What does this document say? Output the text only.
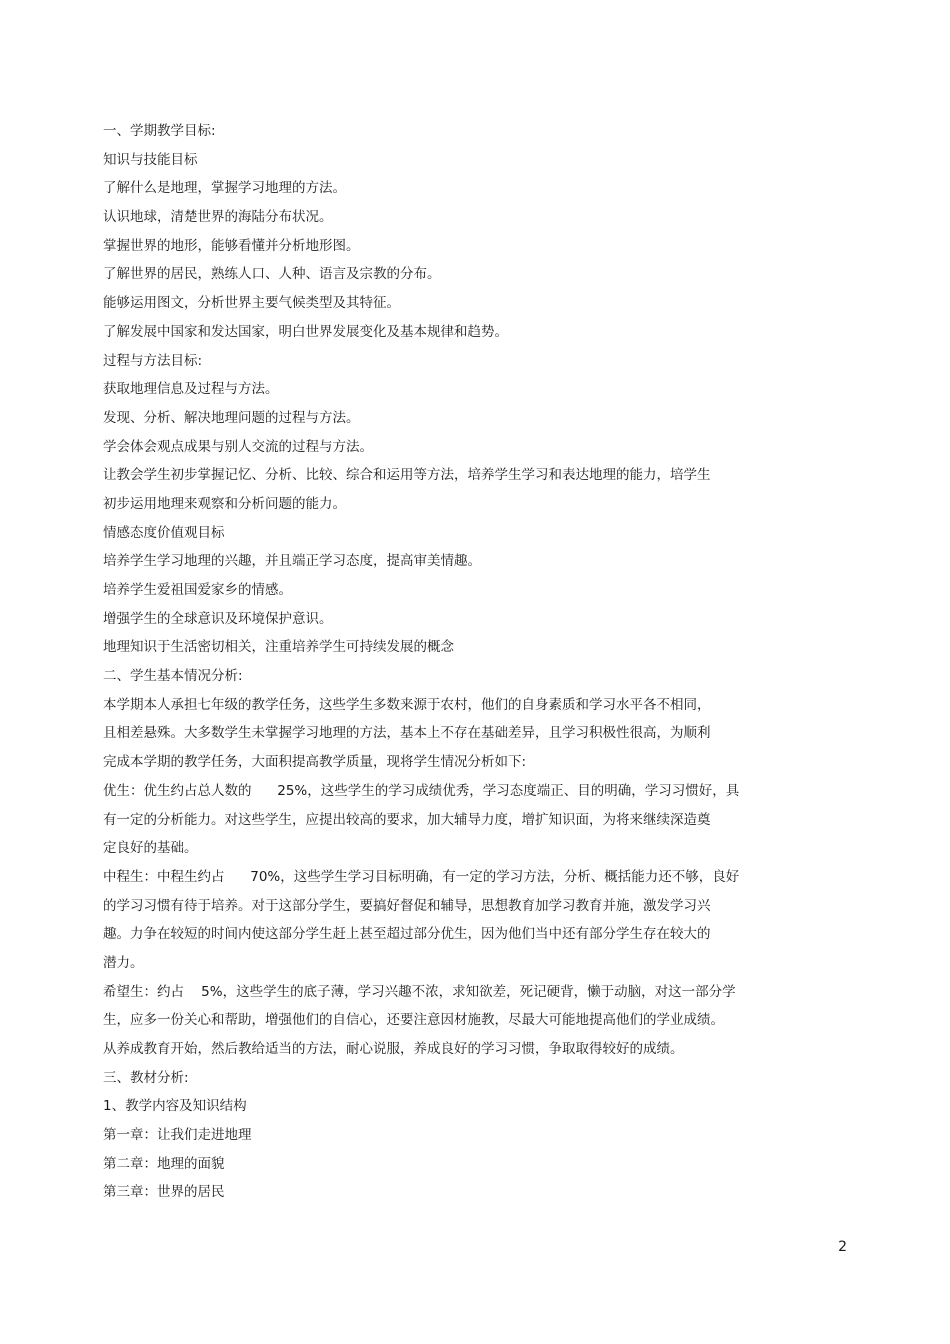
一、学期教学目标:
知识与技能目标
了解什么是地理，掌握学习地理的方法。
认识地球，清楚世界的海陆分布状况。
掌握世界的地形，能够看懂并分析地形图。
了解世界的居民，熟练人口、人种、语言及宗教的分布。
能够运用图文，分析世界主要气候类型及其特征。
了解发展中国家和发达国家，明白世界发展变化及基本规律和趋势。
过程与方法目标:
获取地理信息及过程与方法。
发现、分析、解决地理问题的过程与方法。
学会体会观点成果与别人交流的过程与方法。
让教会学生初步掌握记忆、分析、比较、综合和运用等方法，培养学生学习和表达地理的能力，培学生
初步运用地理来观察和分析问题的能力。
情感态度价值观目标
培养学生学习地理的兴趣，并且端正学习态度，提高审美情趣。
培养学生爱祖国爱家乡的情感。
增强学生的全球意识及环境保护意识。
地理知识于生活密切相关，注重培养学生可持续发展的概念
二、学生基本情况分析:
本学期本人承担七年级的教学任务，这些学生多数来源于农村，他们的自身素质和学习水平各不相同，
且相差悬殊。大多数学生未掌握学习地理的方法，基本上不存在基础差异，且学习积极性很高，为顺利
完成本学期的教学任务，大面积提高教学质量，现将学生情况分析如下:
优生：优生约占总人数的      25%，这些学生的学习成绩优秀，学习态度端正、目的明确，学习习惯好，具
有一定的分析能力。对这些学生，应提出较高的要求，加大辅导力度，增扩知识面，为将来继续深造奠
定良好的基础。
中程生：中程生约占      70%，这些学生学习目标明确，有一定的学习方法，分析、概括能力还不够，良好
的学习习惯有待于培养。对于这部分学生，要搞好督促和辅导，思想教育加学习教育并施，激发学习兴
趣。力争在较短的时间内使这部分学生赶上甚至超过部分优生，因为他们当中还有部分学生存在较大的
潜力。
希望生：约占    5%，这些学生的底子薄，学习兴趣不浓，求知欲差，死记硬背，懒于动脑，对这一部分学
生，应多一份关心和帮助，增强他们的自信心，还要注意因材施教，尽最大可能地提高他们的学业成绩。
从养成教育开始，然后教给适当的方法，耐心说服，养成良好的学习习惯，争取取得较好的成绩。
三、教材分析:
1、教学内容及知识结构
第一章：让我们走进地理
第二章：地理的面貌
第三章：世界的居民
2
